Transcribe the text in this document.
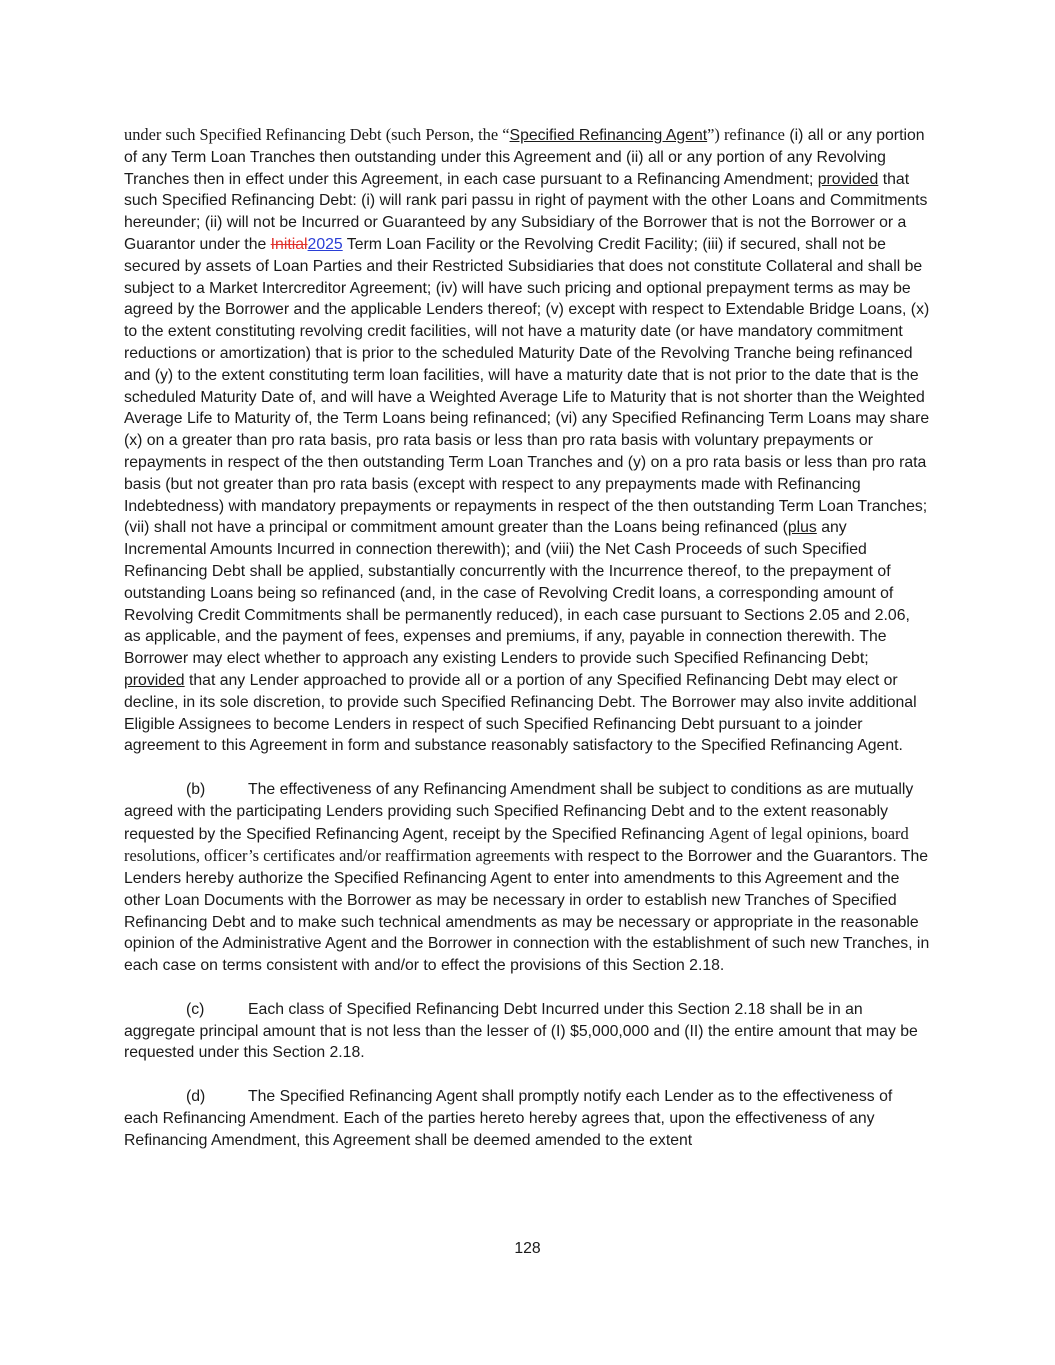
under such Specified Refinancing Debt (such Person, the “Specified Refinancing Agent”) refinance (i) all or any portion of any Term Loan Tranches then outstanding under this Agreement and (ii) all or any portion of any Revolving Tranches then in effect under this Agreement, in each case pursuant to a Refinancing Amendment; provided that such Specified Refinancing Debt: (i) will rank pari passu in right of payment with the other Loans and Commitments hereunder; (ii) will not be Incurred or Guaranteed by any Subsidiary of the Borrower that is not the Borrower or a Guarantor under the Initial2025 Term Loan Facility or the Revolving Credit Facility; (iii) if secured, shall not be secured by assets of Loan Parties and their Restricted Subsidiaries that does not constitute Collateral and shall be subject to a Market Intercreditor Agreement; (iv) will have such pricing and optional prepayment terms as may be agreed by the Borrower and the applicable Lenders thereof; (v) except with respect to Extendable Bridge Loans, (x) to the extent constituting revolving credit facilities, will not have a maturity date (or have mandatory commitment reductions or amortization) that is prior to the scheduled Maturity Date of the Revolving Tranche being refinanced and (y) to the extent constituting term loan facilities, will have a maturity date that is not prior to the date that is the scheduled Maturity Date of, and will have a Weighted Average Life to Maturity that is not shorter than the Weighted Average Life to Maturity of, the Term Loans being refinanced; (vi) any Specified Refinancing Term Loans may share (x) on a greater than pro rata basis, pro rata basis or less than pro rata basis with voluntary prepayments or repayments in respect of the then outstanding Term Loan Tranches and (y) on a pro rata basis or less than pro rata basis (but not greater than pro rata basis (except with respect to any prepayments made with Refinancing Indebtedness) with mandatory prepayments or repayments in respect of the then outstanding Term Loan Tranches; (vii) shall not have a principal or commitment amount greater than the Loans being refinanced (plus any Incremental Amounts Incurred in connection therewith); and (viii) the Net Cash Proceeds of such Specified Refinancing Debt shall be applied, substantially concurrently with the Incurrence thereof, to the prepayment of outstanding Loans being so refinanced (and, in the case of Revolving Credit loans, a corresponding amount of Revolving Credit Commitments shall be permanently reduced), in each case pursuant to Sections 2.05 and 2.06, as applicable, and the payment of fees, expenses and premiums, if any, payable in connection therewith. The Borrower may elect whether to approach any existing Lenders to provide such Specified Refinancing Debt; provided that any Lender approached to provide all or a portion of any Specified Refinancing Debt may elect or decline, in its sole discretion, to provide such Specified Refinancing Debt. The Borrower may also invite additional Eligible Assignees to become Lenders in respect of such Specified Refinancing Debt pursuant to a joinder agreement to this Agreement in form and substance reasonably satisfactory to the Specified Refinancing Agent.

(b)	The effectiveness of any Refinancing Amendment shall be subject to conditions as are mutually agreed with the participating Lenders providing such Specified Refinancing Debt and to the extent reasonably requested by the Specified Refinancing Agent, receipt by the Specified Refinancing Agent of legal opinions, board resolutions, officer’s certificates and/or reaffirmation agreements with respect to the Borrower and the Guarantors. The Lenders hereby authorize the Specified Refinancing Agent to enter into amendments to this Agreement and the other Loan Documents with the Borrower as may be necessary in order to establish new Tranches of Specified Refinancing Debt and to make such technical amendments as may be necessary or appropriate in the reasonable opinion of the Administrative Agent and the Borrower in connection with the establishment of such new Tranches, in each case on terms consistent with and/or to effect the provisions of this Section 2.18.

(c)	Each class of Specified Refinancing Debt Incurred under this Section 2.18 shall be in an aggregate principal amount that is not less than the lesser of (I) $5,000,000 and (II) the entire amount that may be requested under this Section 2.18.

(d)	The Specified Refinancing Agent shall promptly notify each Lender as to the effectiveness of each Refinancing Amendment. Each of the parties hereto hereby agrees that, upon the effectiveness of any Refinancing Amendment, this Agreement shall be deemed amended to the extent

128
